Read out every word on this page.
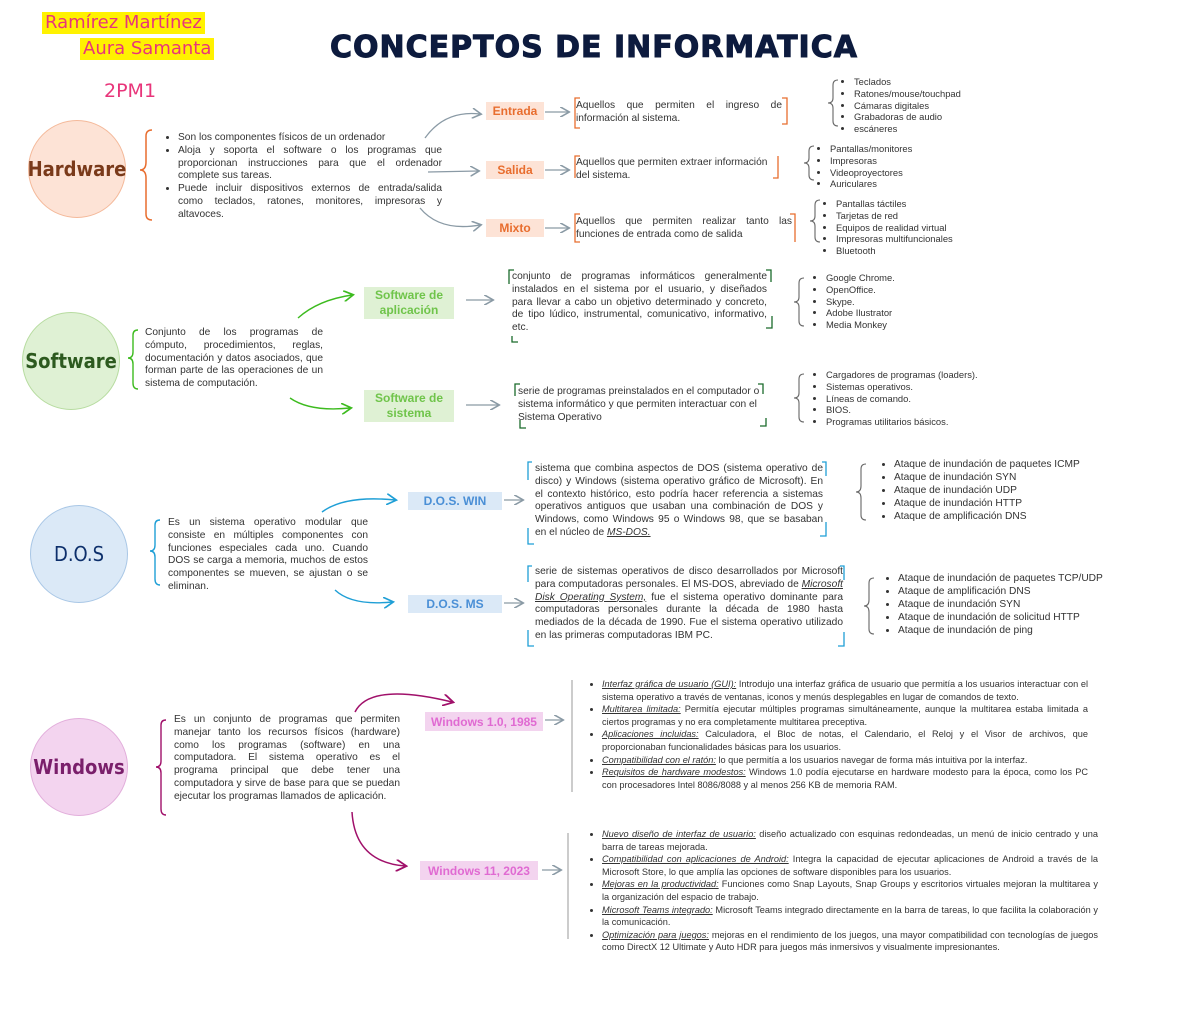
CONCEPTOS DE INFORMATICA
Ramírez Martínez
Aura Samanta
2PM1
Hardware
• Son los componentes físicos de un ordenador
• Aloja y soporta el software o los programas que proporcionan instrucciones para que el ordenador complete sus tareas.
• Puede incluir dispositivos externos de entrada/salida como teclados, ratones, monitores, impresoras y altavoces.
Entrada
Salida
Mixto
Aquellos que permiten el ingreso de información al sistema.
Aquellos que permiten extraer información del sistema.
Aquellos que permiten realizar tanto las funciones de entrada como de salida
• Teclados
• Ratones/mouse/touchpad
• Cámaras digitales
• Grabadoras de audio
• escáneres
• Pantallas/monitores
• Impresoras
• Videoproyectores
• Auriculares
• Pantallas táctiles
• Tarjetas de red
• Equipos de realidad virtual
• Impresoras multifuncionales
• Bluetooth
Software
Conjunto de los programas de cómputo, procedimientos, reglas, documentación y datos asociados, que forman parte de las operaciones de un sistema de computación.
Software de aplicación
Software de sistema
conjunto de programas informáticos generalmente instalados en el sistema por el usuario, y diseñados para llevar a cabo un objetivo determinado y concreto, de tipo lúdico, instrumental, comunicativo, informativo, etc.
serie de programas preinstalados en el computador o sistema informático y que permiten interactuar con el Sistema Operativo
• Google Chrome.
• OpenOffice.
• Skype.
• Adobe Ilustrator
• Media Monkey
• Cargadores de programas (loaders).
• Sistemas operativos.
• Líneas de comando.
• BIOS.
• Programas utilitarios básicos.
D.O.S
Es un sistema operativo modular que consiste en múltiples componentes con funciones especiales cada uno. Cuando DOS se carga a memoria, muchos de estos componentes se mueven, se ajustan o se eliminan.
D.O.S. WIN
D.O.S. MS
sistema que combina aspectos de DOS (sistema operativo de disco) y Windows (sistema operativo gráfico de Microsoft). En el contexto histórico, esto podría hacer referencia a sistemas operativos antiguos que usaban una combinación de DOS y Windows, como Windows 95 o Windows 98, que se basaban en el núcleo de MS-DOS.
serie de sistemas operativos de disco desarrollados por Microsoft para computadoras personales. El MS-DOS, abreviado de Microsoft Disk Operating System, fue el sistema operativo dominante para computadoras personales durante la década de 1980 hasta mediados de la década de 1990. Fue el sistema operativo utilizado en las primeras computadoras IBM PC.
• Ataque de inundación de paquetes ICMP
• Ataque de inundación SYN
• Ataque de inundación UDP
• Ataque de inundación HTTP
• Ataque de amplificación DNS
• Ataque de inundación de paquetes TCP/UDP
• Ataque de amplificación DNS
• Ataque de inundación SYN
• Ataque de inundación de solicitud HTTP
• Ataque de inundación de ping
Windows
Es un conjunto de programas que permiten manejar tanto los recursos físicos (hardware) como los programas (software) en una computadora. El sistema operativo es el programa principal que debe tener una computadora y sirve de base para que se puedan ejecutar los programas llamados de aplicación.
Windows 1.0, 1985
Windows 11, 2023
• Interfaz gráfica de usuario (GUI): Introdujo una interfaz gráfica de usuario que permitía a los usuarios interactuar con el sistema operativo a través de ventanas, iconos y menús desplegables en lugar de comandos de texto.
• Multitarea limitada: Permitía ejecutar múltiples programas simultáneamente, aunque la multitarea estaba limitada a ciertos programas y no era completamente multitarea preceptiva.
• Aplicaciones incluidas: Calculadora, el Bloc de notas, el Calendario, el Reloj y el Visor de archivos, que proporcionaban funcionalidades básicas para los usuarios.
• Compatibilidad con el ratón: lo que permitía a los usuarios navegar de forma más intuitiva por la interfaz.
• Requisitos de hardware modestos: Windows 1.0 podía ejecutarse en hardware modesto para la época, como los PC con procesadores Intel 8086/8088 y al menos 256 KB de memoria RAM.
• Nuevo diseño de interfaz de usuario: diseño actualizado con esquinas redondeadas, un menú de inicio centrado y una barra de tareas mejorada.
• Compatibilidad con aplicaciones de Android: Integra la capacidad de ejecutar aplicaciones de Android a través de la Microsoft Store, lo que amplía las opciones de software disponibles para los usuarios.
• Mejoras en la productividad: Funciones como Snap Layouts, Snap Groups y escritorios virtuales mejoran la multitarea y la organización del espacio de trabajo.
• Microsoft Teams integrado: Microsoft Teams integrado directamente en la barra de tareas, lo que facilita la colaboración y la comunicación.
• Optimización para juegos: mejoras en el rendimiento de los juegos, una mayor compatibilidad con tecnologías de juegos como DirectX 12 Ultimate y Auto HDR para juegos más inmersivos y visualmente impresionantes.
